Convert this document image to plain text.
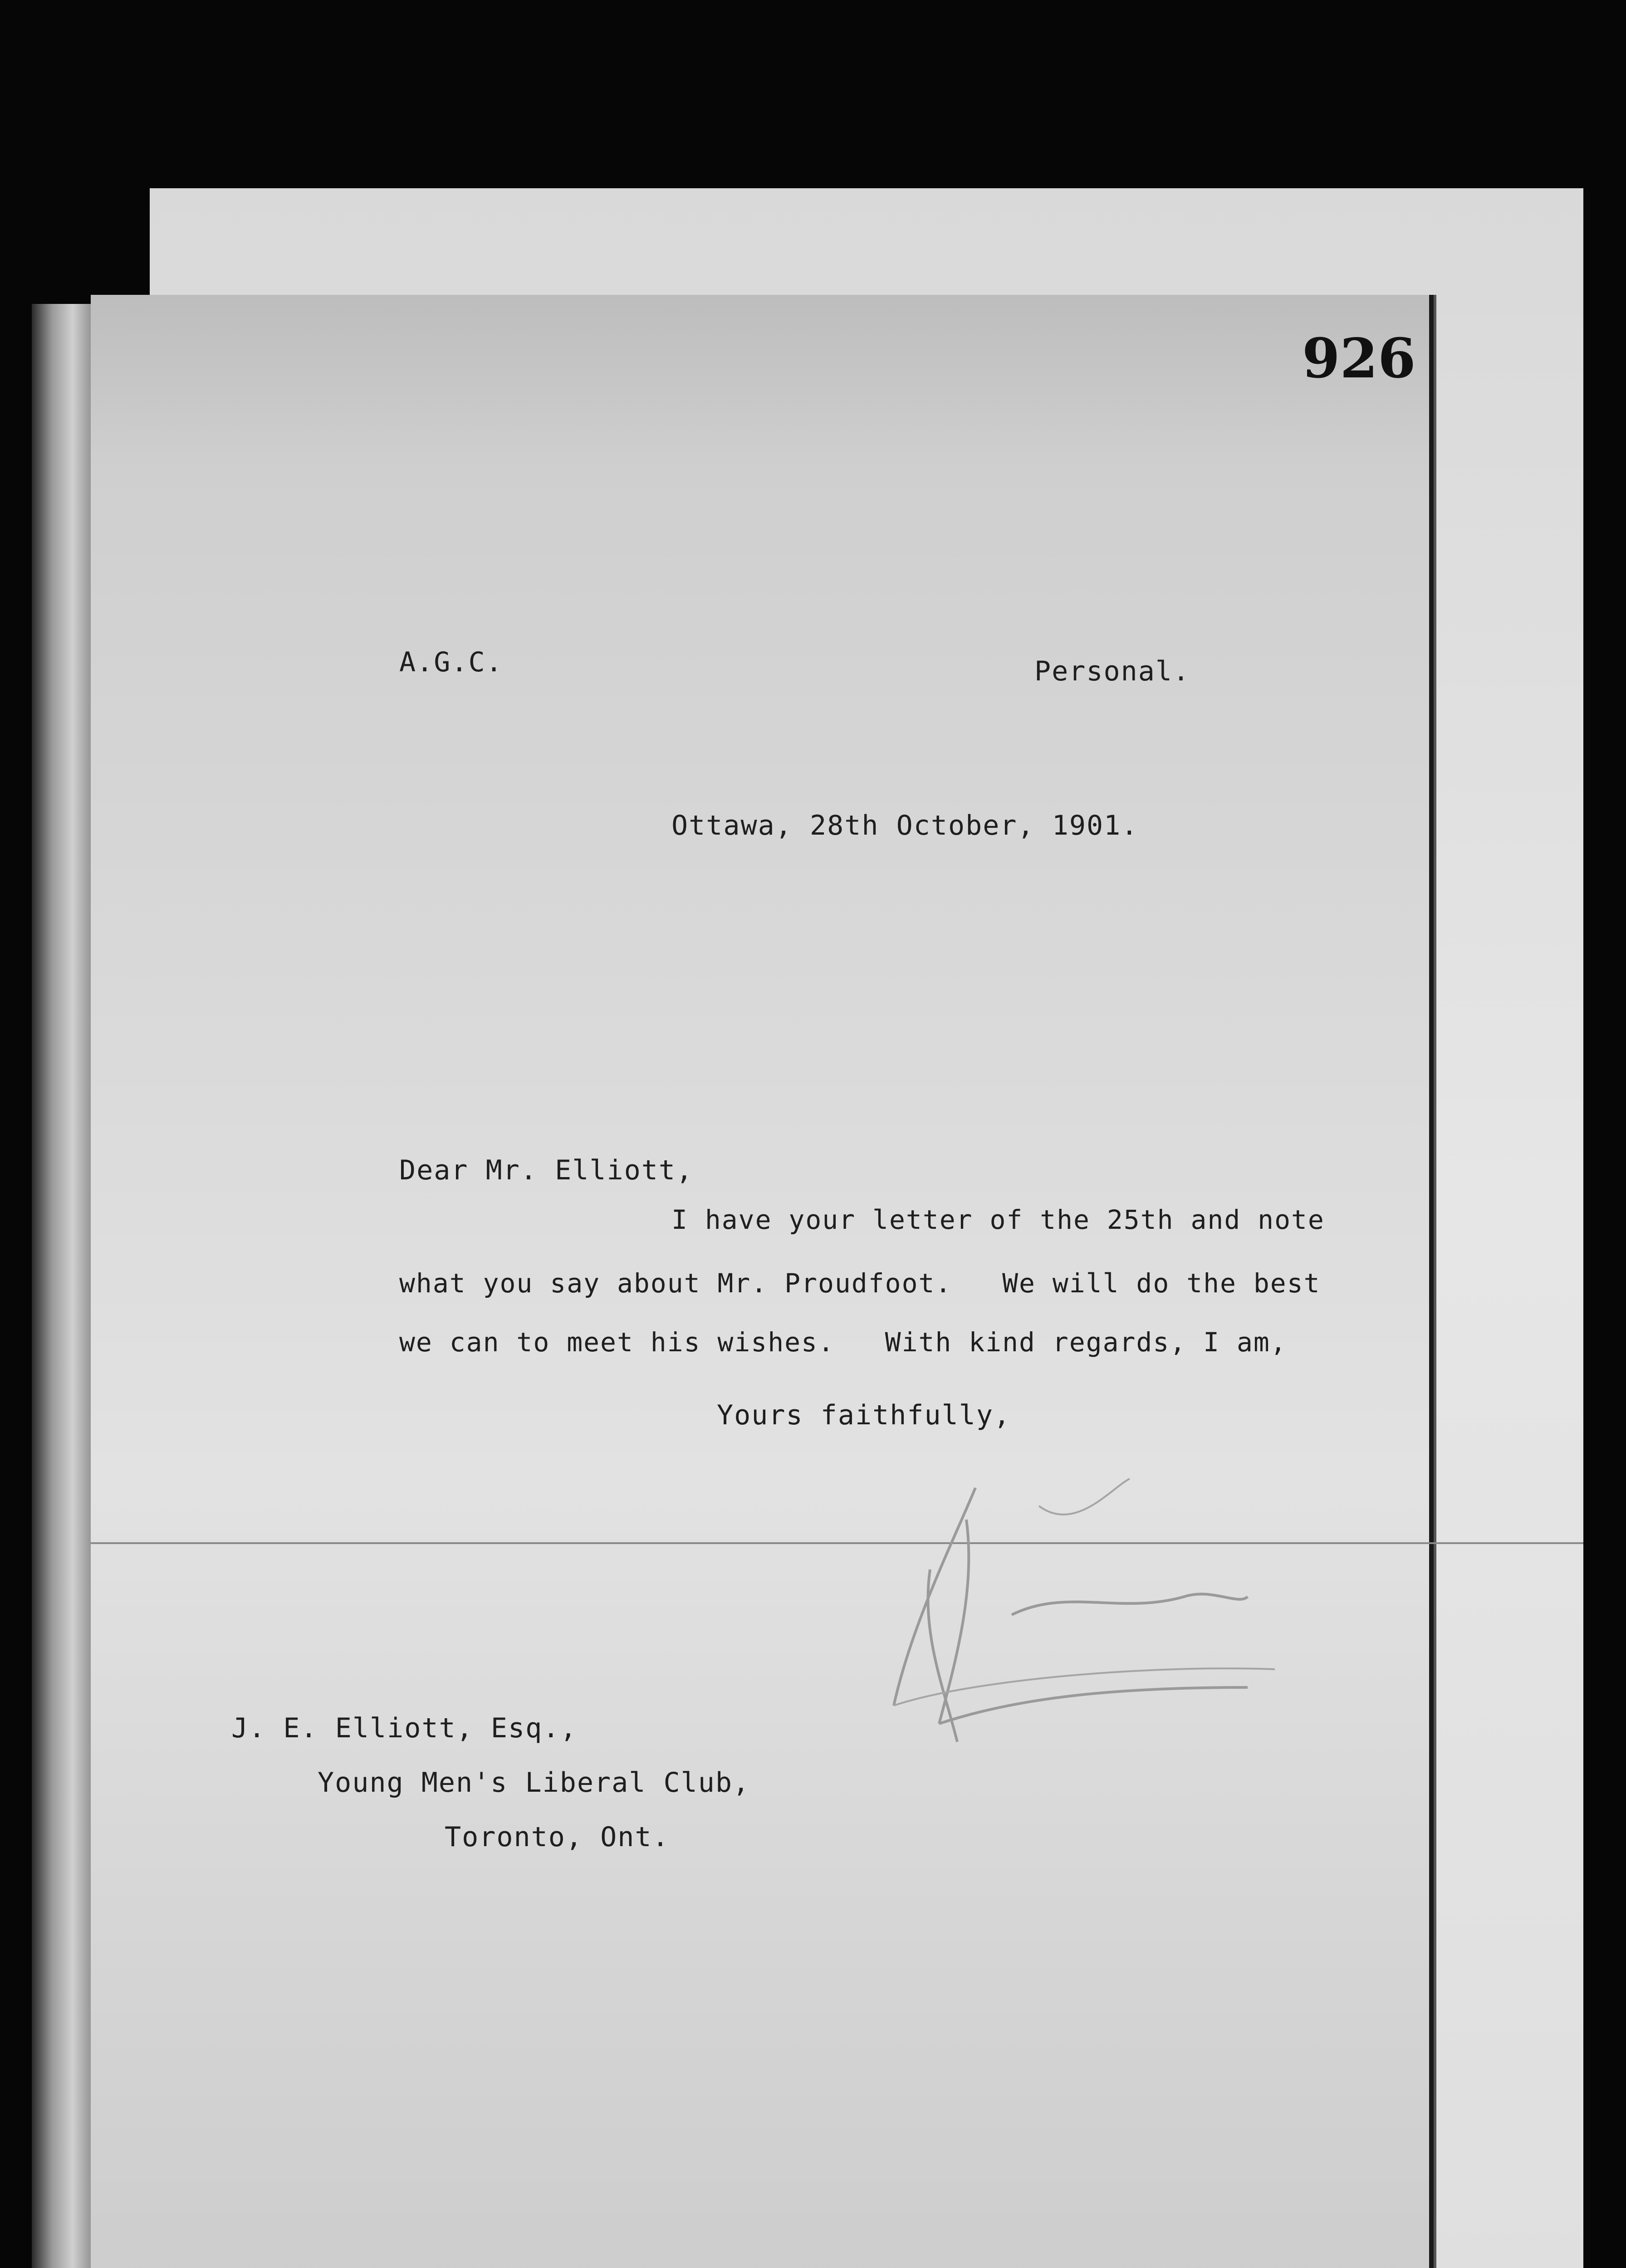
926
A.G.C.	Personal.
Ottawa, 28th October, 1901.
Dear Mr. Elliott,
I have your letter of the 25th and note
what you say about Mr. Proudfoot.   We will do the best
we can to meet his wishes.   With kind regards, I am,
Yours faithfully,
J. E. Elliott, Esq.,
Young Men's Liberal Club,
Toronto, Ont.
